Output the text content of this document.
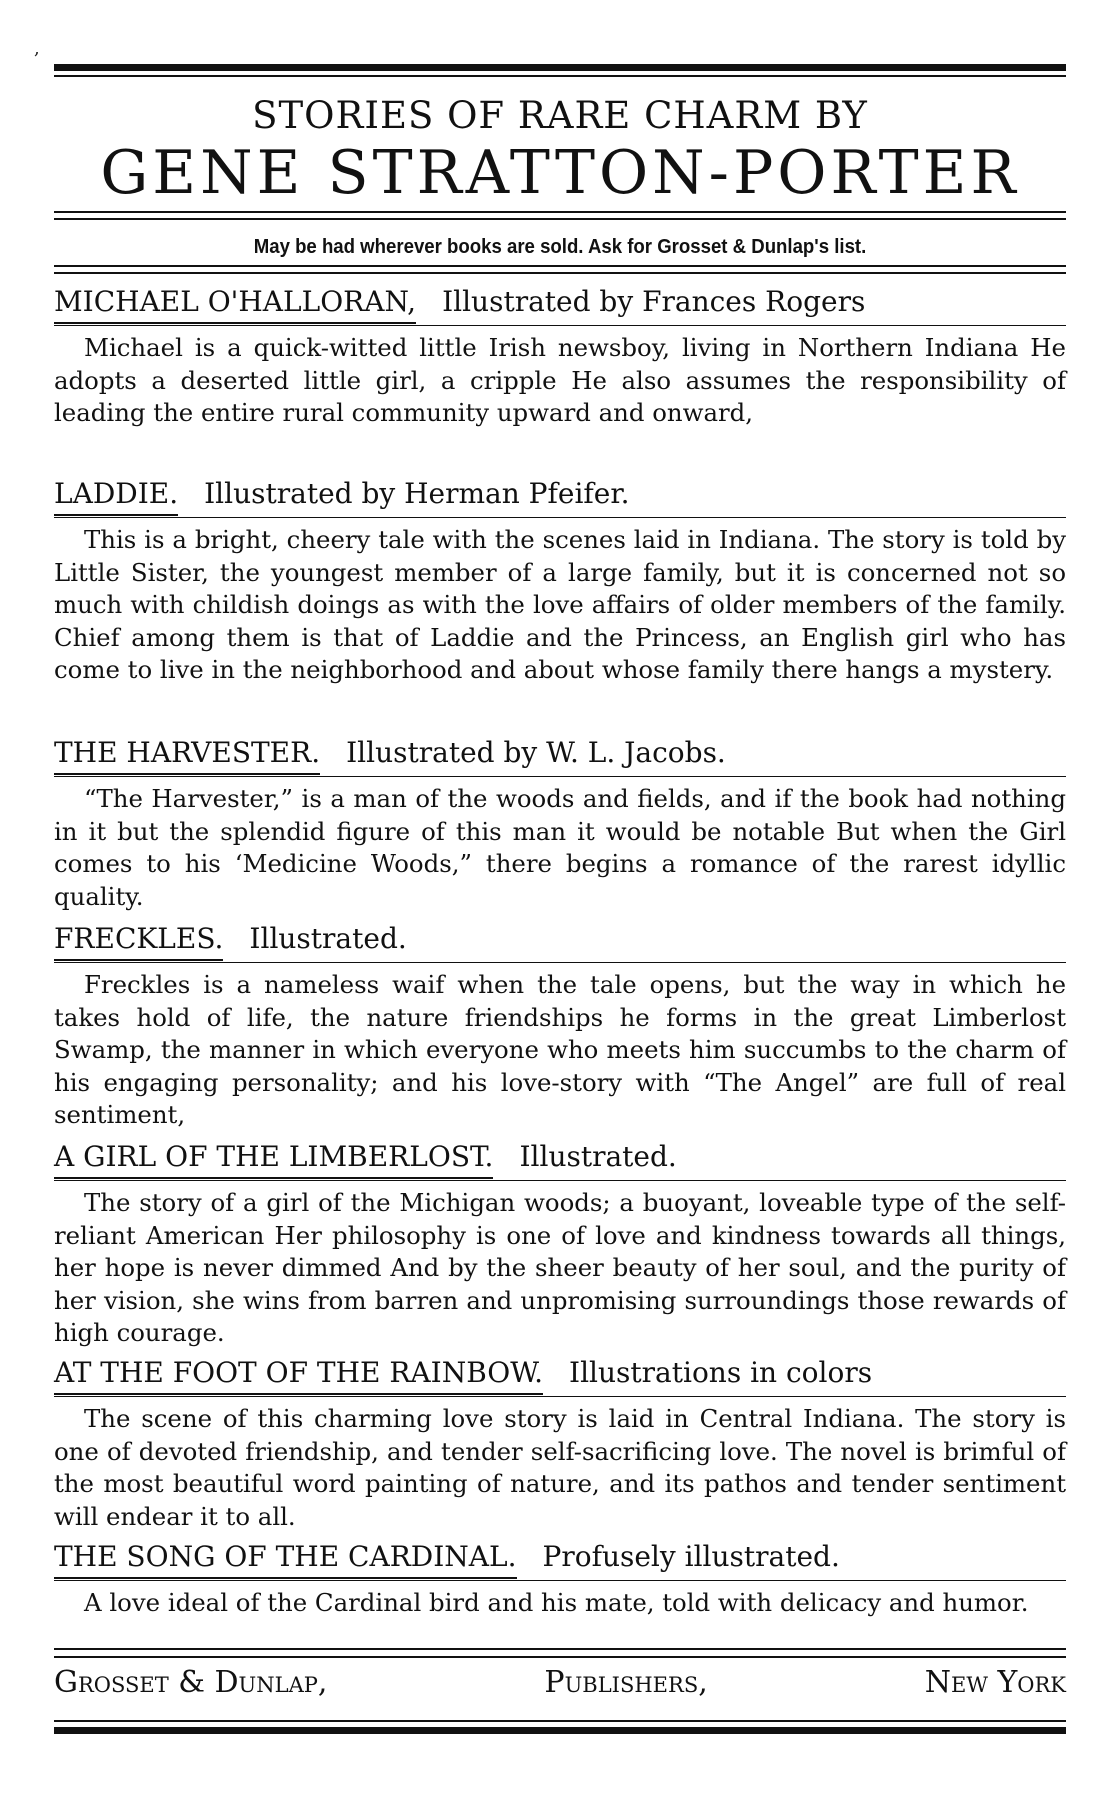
,
STORIES OF RARE CHARM BY
GENE STRATTON-PORTER
May be had wherever books are sold. Ask for Grosset & Dunlap's list.
MICHAEL O'HALLORAN, Illustrated by Frances Rogers
Michael is a quick-witted little Irish newsboy, living in Northern Indiana He adopts a deserted little girl, a cripple He also assumes the responsibility of leading the entire rural community upward and onward,
LADDIE. Illustrated by Herman Pfeifer.
This is a bright, cheery tale with the scenes laid in Indiana. The story is told by Little Sister, the youngest member of a large family, but it is concerned not so much with childish doings as with the love affairs of older members of the family. Chief among them is that of Laddie and the Princess, an English girl who has come to live in the neighborhood and about whose family there hangs a mystery.
THE HARVESTER. Illustrated by W. L. Jacobs.
“The Harvester,” is a man of the woods and fields, and if the book had nothing in it but the splendid figure of this man it would be notable But when the Girl comes to his ‘Medicine Woods,” there begins a romance of the rarest idyllic quality.
FRECKLES. Illustrated.
Freckles is a nameless waif when the tale opens, but the way in which he takes hold of life, the nature friendships he forms in the great Limberlost Swamp, the manner in which everyone who meets him succumbs to the charm of his engaging personality; and his love-story with “The Angel” are full of real sentiment,
A GIRL OF THE LIMBERLOST. Illustrated.
The story of a girl of the Michigan woods; a buoyant, loveable type of the self-reliant American Her philosophy is one of love and kindness towards all things, her hope is never dimmed And by the sheer beauty of her soul, and the purity of her vision, she wins from barren and unpromising surroundings those rewards of high courage.
AT THE FOOT OF THE RAINBOW. Illustrations in colors
The scene of this charming love story is laid in Central Indiana. The story is one of devoted friendship, and tender self-sacrificing love. The novel is brimful of the most beautiful word painting of nature, and its pathos and tender sentiment will endear it to all.
THE SONG OF THE CARDINAL. Profusely illustrated.
A love ideal of the Cardinal bird and his mate, told with delicacy and humor.
Grosset & Dunlap,	Publishers,	New York
